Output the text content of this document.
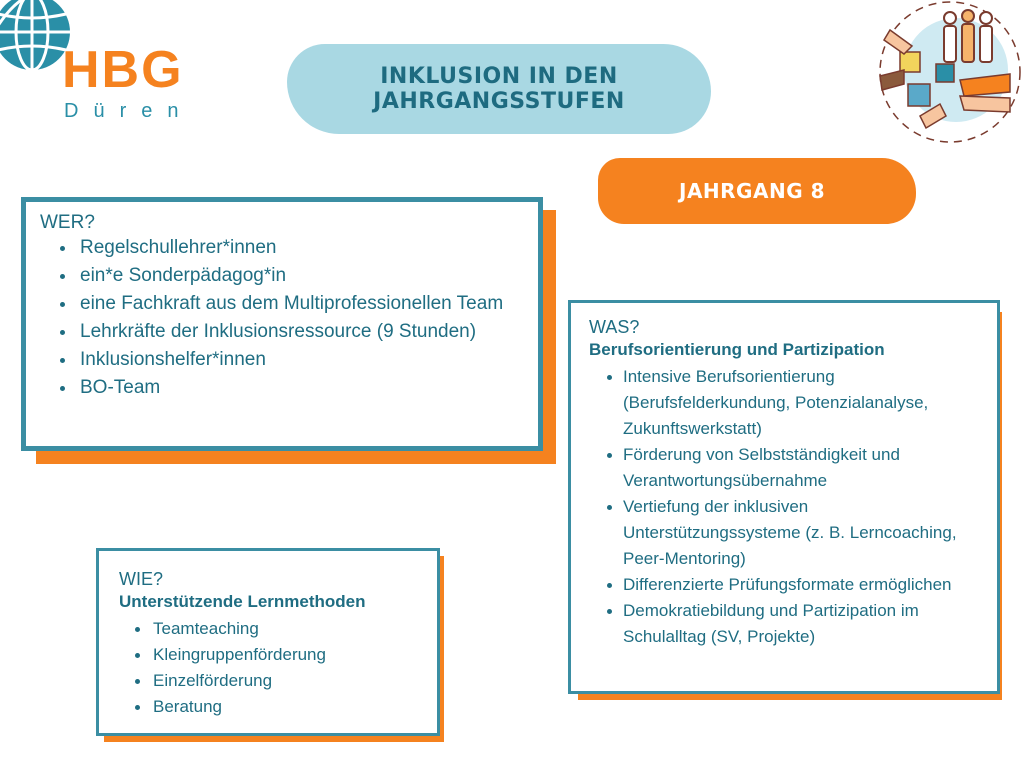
HBG
Düren
INKLUSION IN DEN
JAHRGANGSSTUFEN
JAHRGANG 8

WER?

Regelschullehrer*innen
ein*e Sonderpädagog*in
eine Fachkraft aus dem Multiprofessionellen Team
Lehrkräfte der Inklusionsressource (9 Stunden)
Inklusionshelfer*innen
BO-Team

WAS?

Berufsorientierung und Partizipation

Intensive Berufsorientierung (Berufsfelderkundung, Potenzialanalyse, Zukunftswerkstatt)
Förderung von Selbstständigkeit und Verantwortungsübernahme
Vertiefung der inklusiven Unterstützungssysteme (z. B. Lerncoaching, Peer-Mentoring)
Differenzierte Prüfungsformate ermöglichen
Demokratiebildung und Partizipation im Schulalltag (SV, Projekte)

WIE?

Unterstützende Lernmethoden

Teamteaching
Kleingruppenförderung
Einzelförderung
Beratung
